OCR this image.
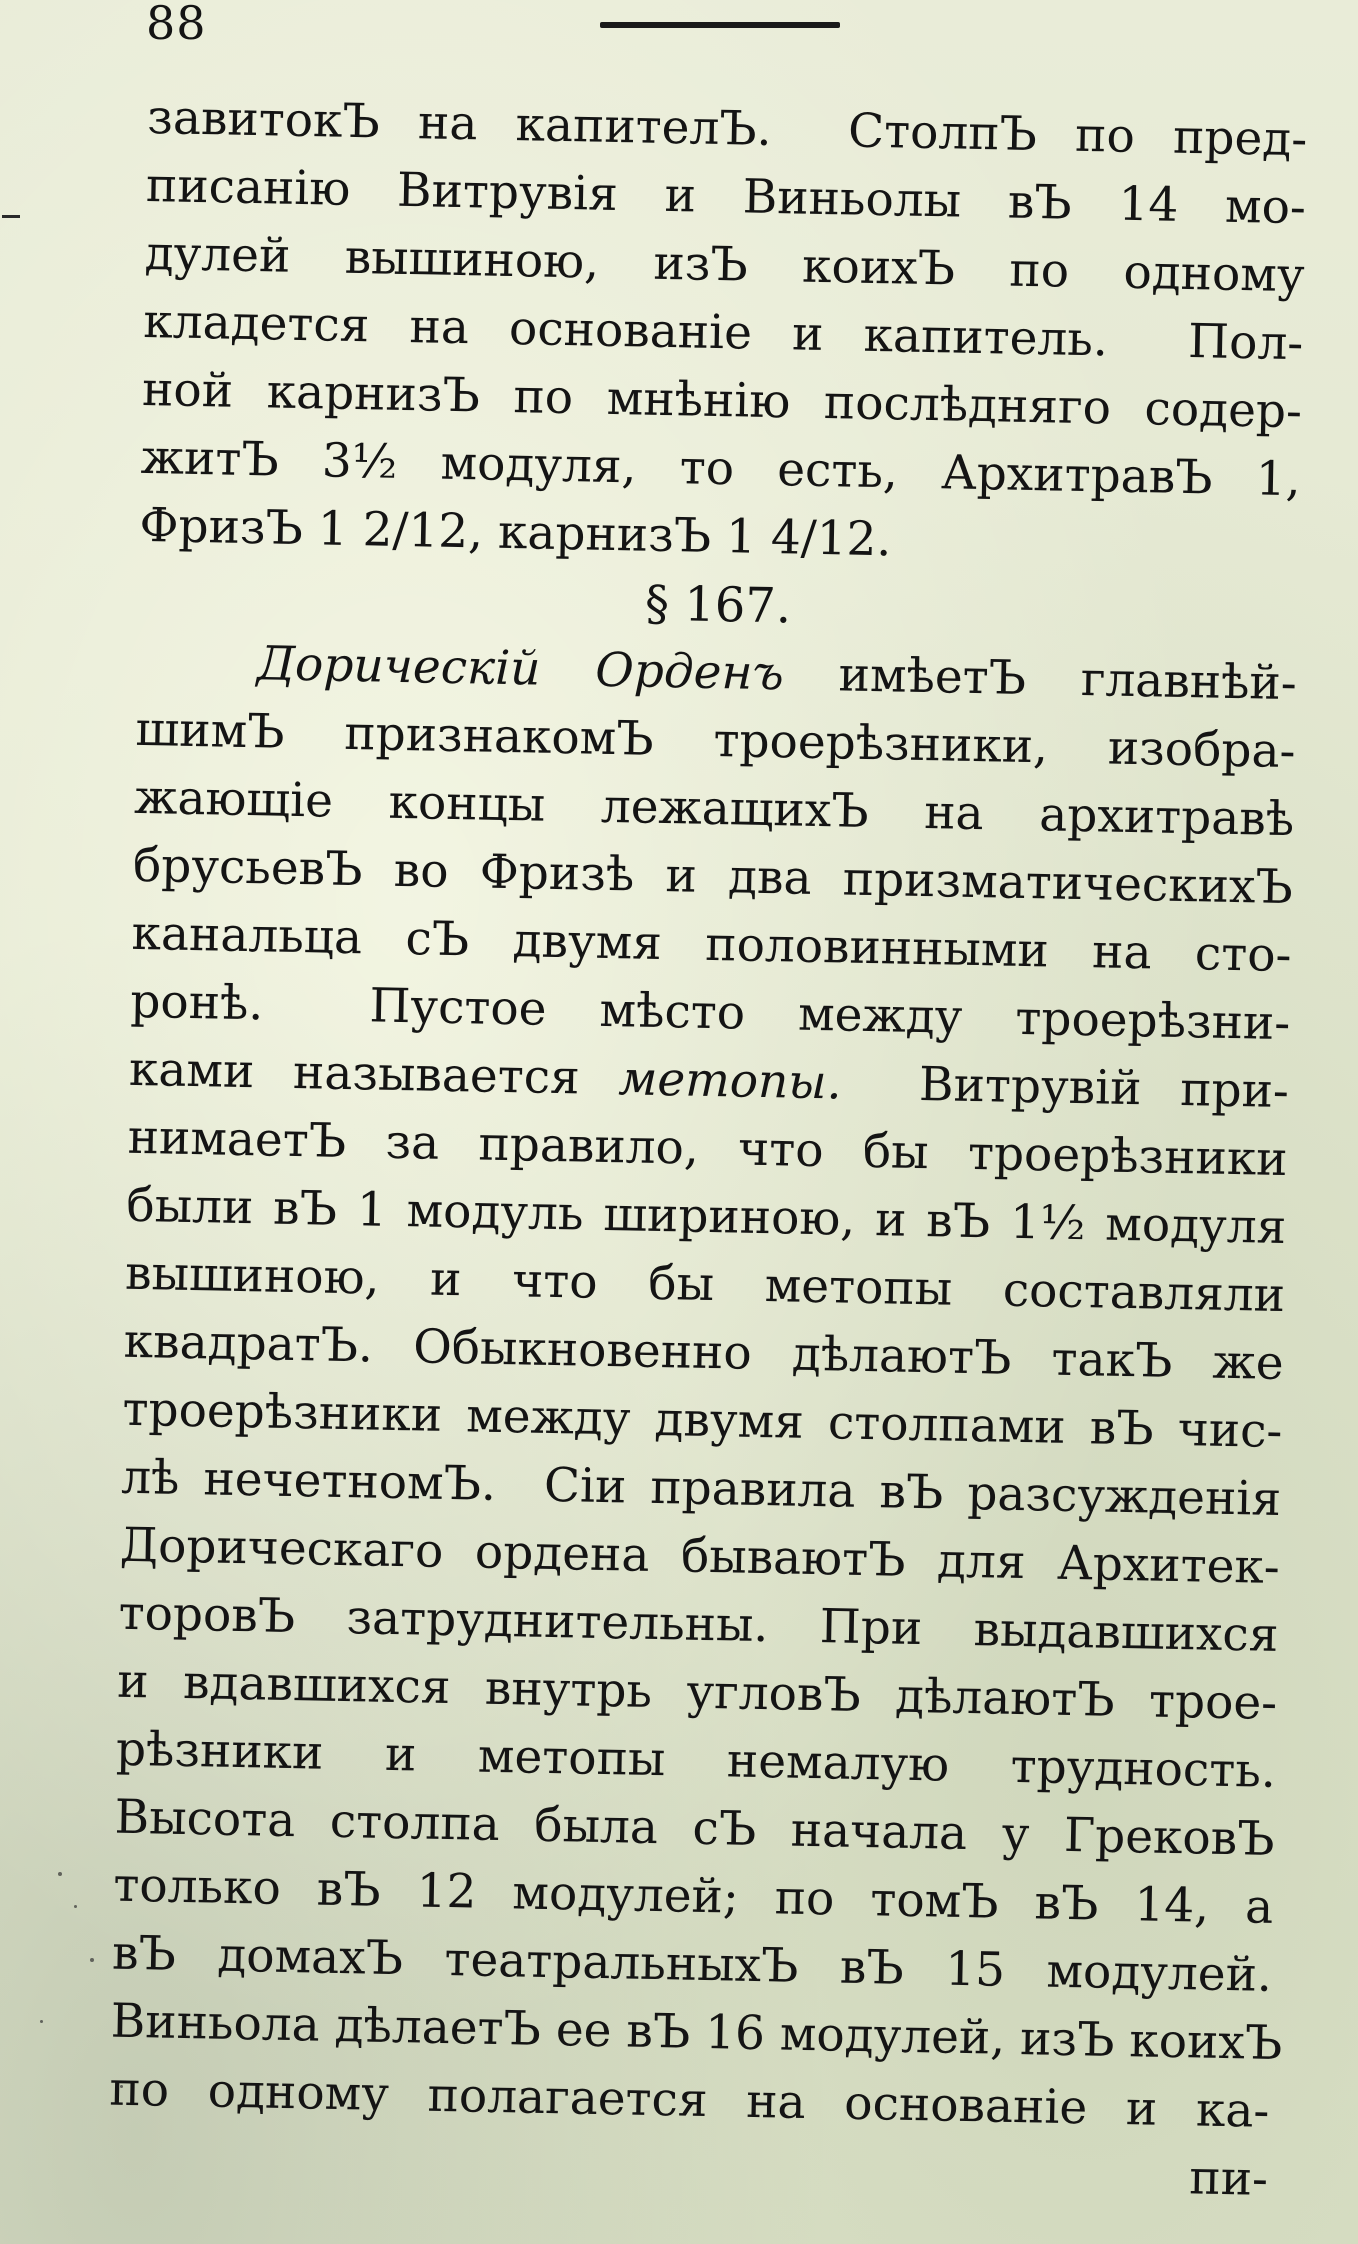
88
завитокЪ на капителЪ.  СтолпЪ по пред-
писанію Витрувія и Виньолы вЪ 14 мо-
дулей вышиною, изЪ коихЪ по одному
кладется на основаніе и капитель.  Пол-
ной карнизЪ по мнѣнію послѣдняго содер-
житЪ 3½ модуля, то есть, АрхитравЪ 1,
ФризЪ 1 2/12, карнизЪ 1 4/12.
§ 167.
Дорическій Орденъ имѣетЪ главнѣй-
шимЪ признакомЪ троерѣзники, изобра-
жающіе концы лежащихЪ на архитравѣ
брусьевЪ во Фризѣ и два призматическихЪ
канальца сЪ двумя половинными на сто-
ронѣ.  Пустое мѣсто между троерѣзни-
ками называется метопы.  Витрувій при-
нимаетЪ за правило, что бы троерѣзники
были вЪ 1 модуль шириною, и вЪ 1½ модуля
вышиною, и что бы метопы составляли
квадратЪ. Обыкновенно дѣлаютЪ такЪ же
троерѣзники между двумя столпами вЪ чис-
лѣ нечетномЪ.  Сіи правила вЪ разсужденія
Дорическаго ордена бываютЪ для Архитек-
торовЪ затруднительны. При выдавшихся
и вдавшихся внутрь угловЪ дѣлаютЪ трое-
рѣзники и метопы немалую трудность.
Высота столпа была сЪ начала у ГрековЪ
только вЪ 12 модулей; по томЪ вЪ 14, а
вЪ домахЪ театральныхЪ вЪ 15 модулей.
Виньола дѣлаетЪ ее вЪ 16 модулей, изЪ коихЪ
по одному полагается на основаніе и ка-
пи-
